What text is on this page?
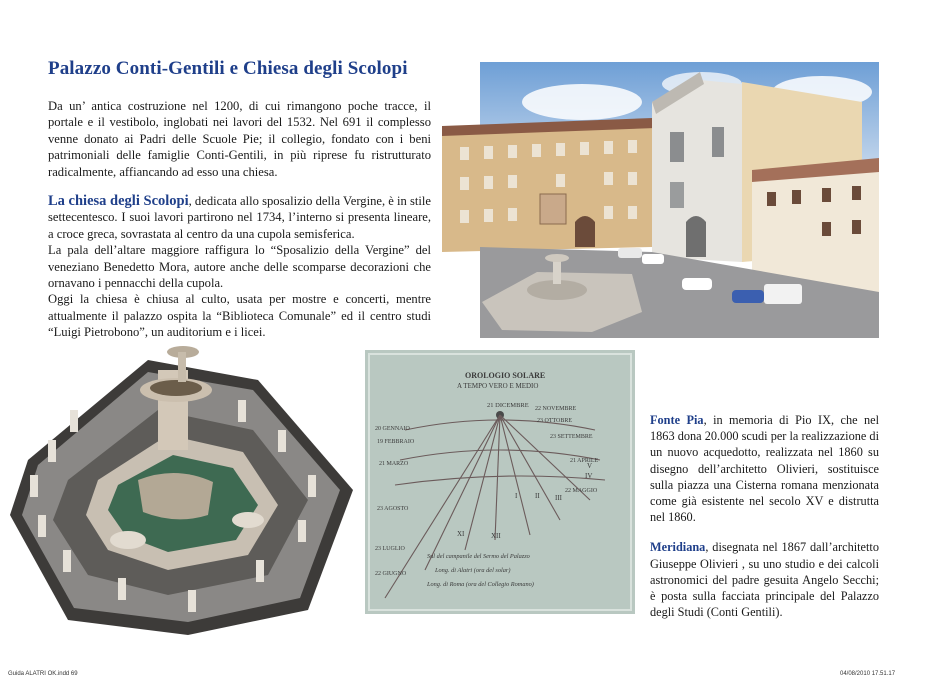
Palazzo Conti-Gentili e Chiesa degli Scolopi
Da un’ antica costruzione nel 1200, di cui rimangono poche tracce, il portale e il vestibolo, inglobati nei lavori del 1532. Nel 691 il complesso venne donato ai Padri delle Scuole Pie; il collegio, fondato con i beni patrimoniali delle famiglie Conti-Gentili, in più riprese fu ristrutturato radicalmente, affiancando ad esso una chiesa.
La chiesa degli Scolopi, dedicata allo sposalizio della Vergine, è in stile settecentesco. I suoi lavori partirono nel 1734, l’interno si presenta lineare, a croce greca, sovrastata al centro da una cupola semisferica.
La pala dell’altare maggiore raffigura lo “Sposalizio della Vergine” del veneziano Benedetto Mora, autore anche delle scomparse decorazioni che ornavano i pennacchi della cupola.
Oggi la chiesa è chiusa al culto, usata per mostre e concerti, mentre attualmente il palazzo ospita la “Biblioteca Comunale” ed il centro studi “Luigi Pietrobono”, un auditorium e i licei.
OROLOGIO SOLARE
A TEMPO VERO E MEDIO
21 DICEMBRE
20 GENNAIO
19 FEBBRAIO
21 MARZO
23 AGOSTO
23 LUGLIO
22 GIUGNO
22 NOVEMBRE
23 OTTOBRE
23 SETTEMBRE
21 APRILE
22 MAGGIO
XI	XII
I	II III
IV
V
Sul del campanile del Sermo del Palazzo
Long. di Alatri (ora del solar)
Long. di Roma (ora del Collegio Romano)

Fonte Pia, in memoria di Pio IX, che nel 1863 dona 20.000 scudi per la realizzazione di un nuovo acquedotto, realizzata nel 1860 su disegno dell’architetto Olivieri, sostituisce sulla piazza una Cisterna romana menzionata come già esistente nel secolo XV e distrutta nel 1860.

Meridiana, disegnata nel 1867 dall’architetto Giuseppe Olivieri , su uno studio e dei calcoli astronomici del padre gesuita Angelo Secchi; è posta sulla facciata principale del Palazzo degli Studi (Conti Gentili).

Guida ALATRI OK.indd 69	04/08/2010 17.51.17
